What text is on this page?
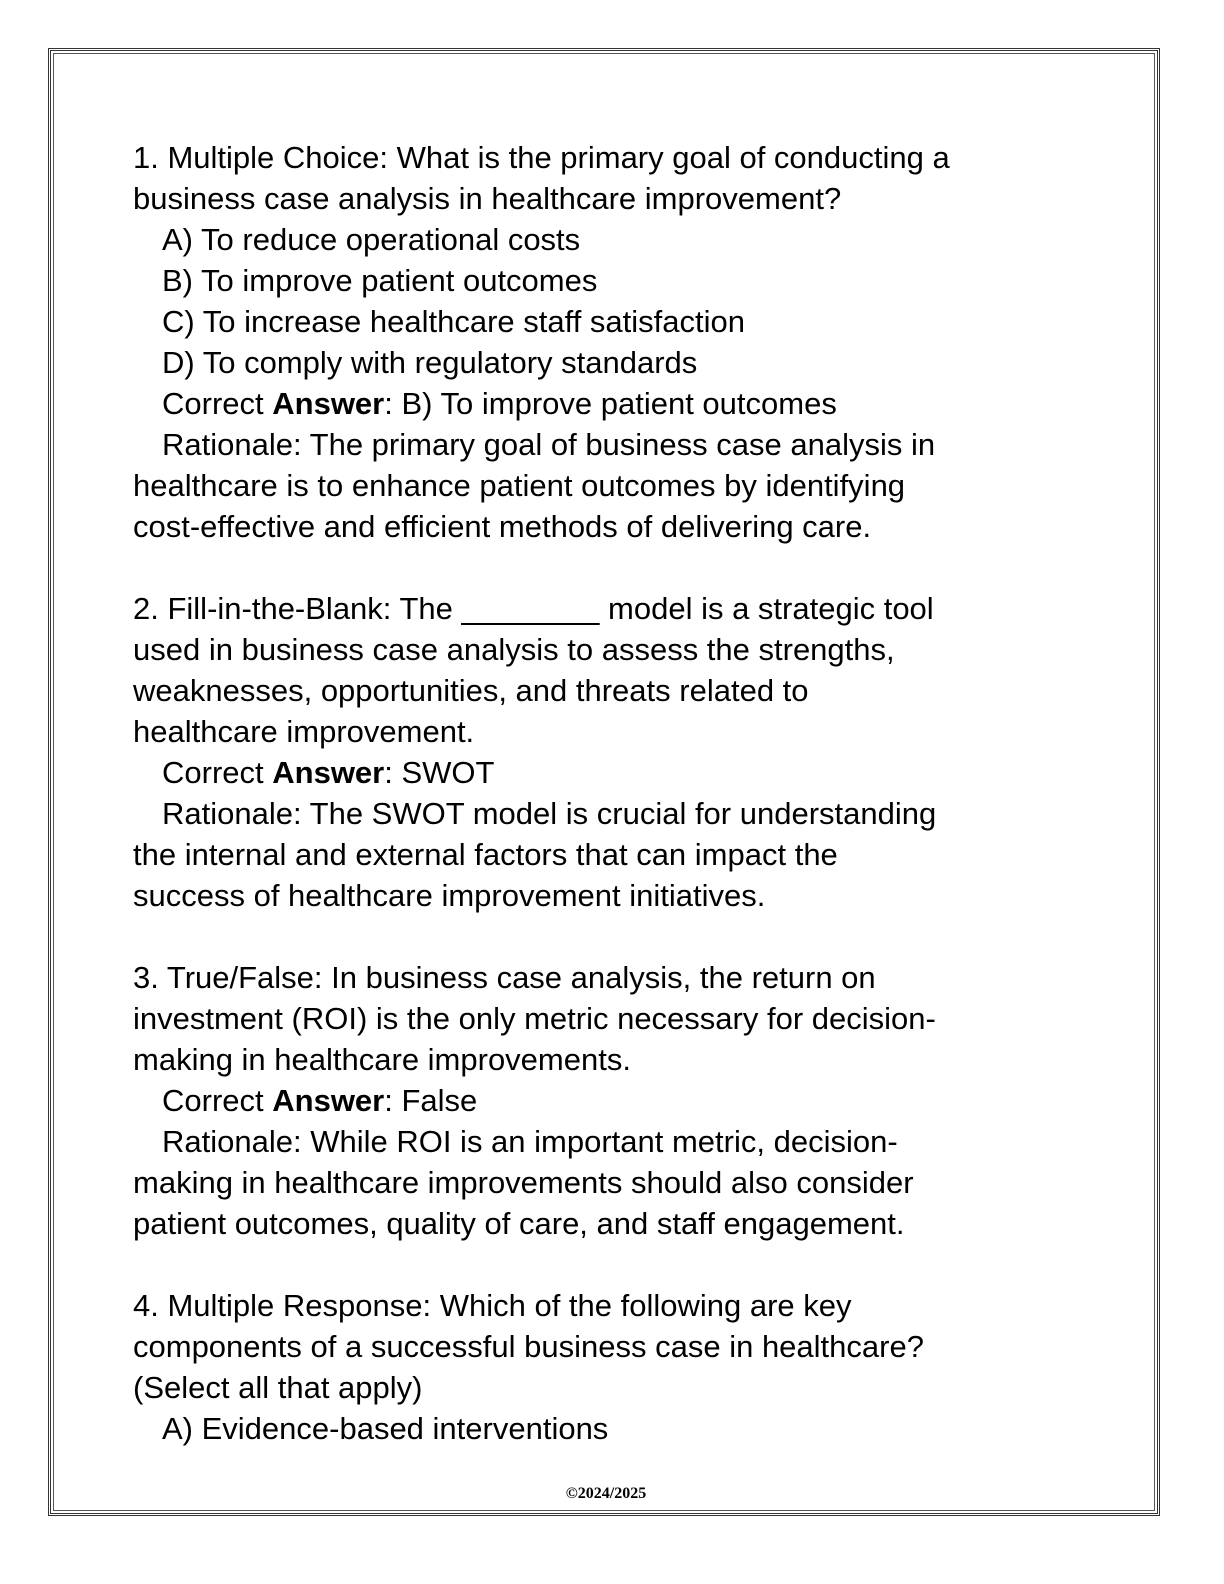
1. Multiple Choice: What is the primary goal of conducting a
business case analysis in healthcare improvement?
A) To reduce operational costs
B) To improve patient outcomes
C) To increase healthcare staff satisfaction
D) To comply with regulatory standards
Correct Answer: B) To improve patient outcomes
Rationale: The primary goal of business case analysis in
healthcare is to enhance patient outcomes by identifying
cost-effective and efficient methods of delivering care.
2. Fill-in-the-Blank: The ________ model is a strategic tool
used in business case analysis to assess the strengths,
weaknesses, opportunities, and threats related to
healthcare improvement.
Correct Answer: SWOT
Rationale: The SWOT model is crucial for understanding
the internal and external factors that can impact the
success of healthcare improvement initiatives.
3. True/False: In business case analysis, the return on
investment (ROI) is the only metric necessary for decision-
making in healthcare improvements.
Correct Answer: False
Rationale: While ROI is an important metric, decision-
making in healthcare improvements should also consider
patient outcomes, quality of care, and staff engagement.
4. Multiple Response: Which of the following are key
components of a successful business case in healthcare?
(Select all that apply)
A) Evidence-based interventions
©2024/2025
